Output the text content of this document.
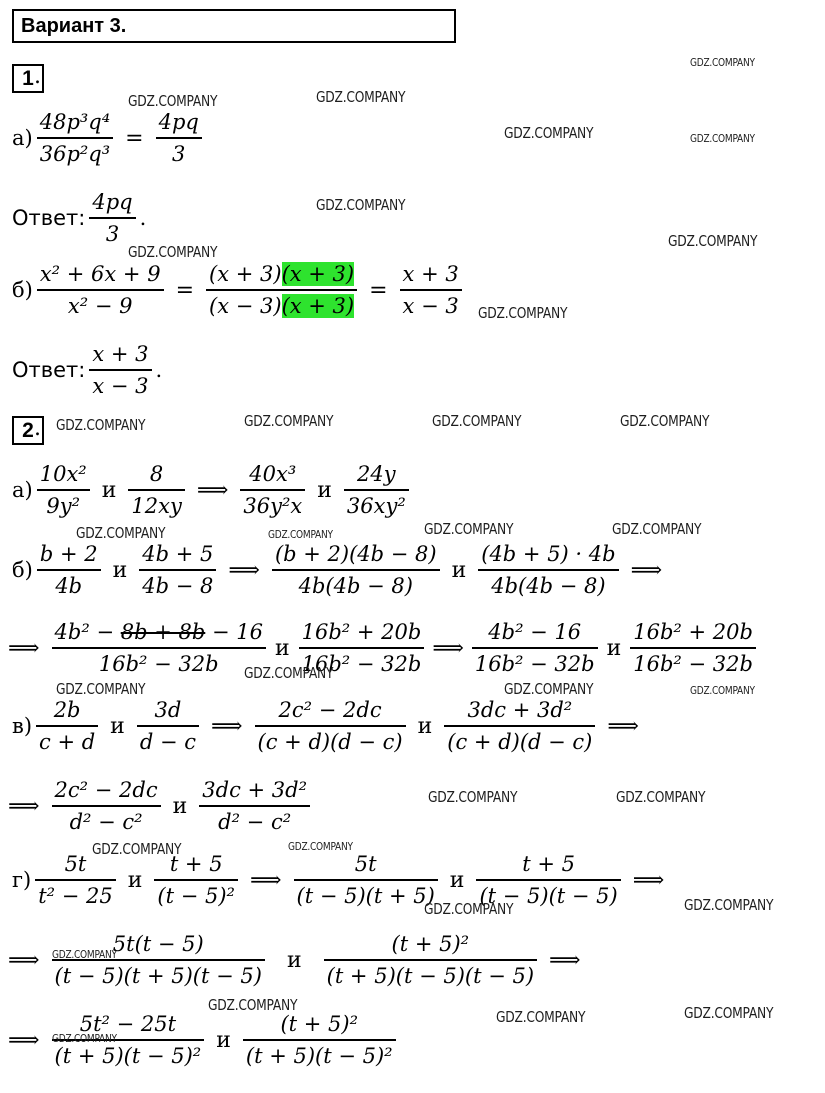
Вариант 3.
1 .
$а) \frac{\text{48p³q⁴}}{\text{36p²q³}} = \frac{4pq}{3}$
Ответ: $\frac{4pq}{3}$ .
$б) \frac{\text{x² + 6x + 9}}{\text{x² − 9}} = \frac{(x + 3)(x + 3)}{(x - 3)(x + 3)} = \frac{x + 3}{x - 3}$
Ответ: $\frac{x + 3}{x - 3}$ .
2 .
$а) \frac{\text{10x²}}{\text{9y²}}$ и $\frac{8}{12xy}$ ⟹ $\frac{\text{40x³}}{\text{36y²x}}$ и $\frac{24y}{\text{36xy²}}$
$б) \frac{b + 2}{4b}$ и $\frac{4b + 5}{4b - 8}$ ⟹ $\frac{(b + 2)(4b - 8)}{4b(4b - 8)}$ и $\frac{(4b + 5) \cdot 4b}{4b(4b - 8)}$ ⟹
⟹ $\frac{\text{4b² − 8b + 8b − 16}}{\text{16b² − 32b}}$ и $\frac{\text{16b² + 20b}}{\text{16b² − 32b}}$ ⟹ $\frac{\text{4b² − 16}}{\text{16b² − 32b}}$ и $\frac{\text{16b² + 20b}}{\text{16b² − 32b}}$
$в) \frac{2b}{c + d}$ и $\frac{3d}{d - c}$ ⟹ $\frac{\text{2c² − 2dc}}{(c + d)(d - c)}$ и $\frac{\text{3dc + 3d²}}{(c + d)(d - c)}$ ⟹
⟹ $\frac{\text{2c² − 2dc}}{\text{d² − c²}}$ и $\frac{\text{3dc + 3d²}}{\text{d² − c²}}$
$г) \frac{5t}{\text{t² − 25}}$ и $\frac{t + 5}{\text{(t − 5)²}}$ ⟹ $\frac{5t}{(t - 5)(t + 5)}$ и $\frac{t + 5}{(t - 5)(t - 5)}$ ⟹
⟹ $\frac{5t(t - 5)}{(t - 5)(t + 5)(t - 5)}$ и $\frac{\text{(t + 5)²}}{(t + 5)(t - 5)(t - 5)}$ ⟹
⟹ $\frac{\text{5t² − 25t}}{\text{(t + 5)(t − 5)²}}$ и $\frac{\text{(t + 5)²}}{\text{(t + 5)(t − 5)²}}$
GDZ.COMPANY
GDZ.COMPANY	GDZ.COMPANY
GDZ.COMPANY	GDZ.COMPANY
GDZ.COMPANY
GDZ.COMPANY
GDZ.COMPANY
GDZ.COMPANY
GDZ.COMPANY	GDZ.COMPANY	GDZ.COMPANY	GDZ.COMPANY
GDZ.COMPANY	GDZ.COMPANY	GDZ.COMPANY	GDZ.COMPANY
GDZ.COMPANY
GDZ.COMPANY	GDZ.COMPANY	GDZ.COMPANY
GDZ.COMPANY	GDZ.COMPANY
GDZ.COMPANY
GDZ.COMPANY
GDZ.COMPANY	GDZ.COMPANY
GDZ.COMPANY
GDZ.COMPANY
GDZ.COMPANY	GDZ.COMPANY
GDZ.COMPANY
